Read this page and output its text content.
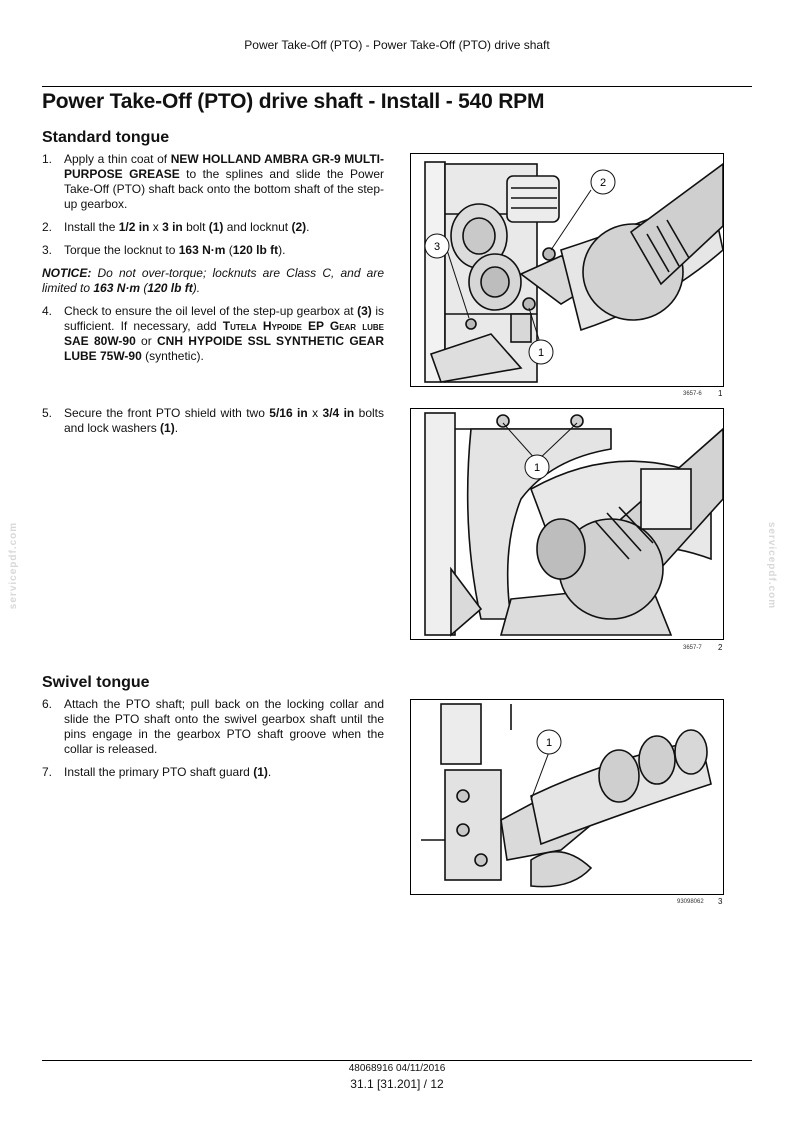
Power Take-Off (PTO) - Power Take-Off (PTO) drive shaft
Power Take-Off (PTO) drive shaft - Install - 540 RPM
Standard tongue

1. Apply a thin coat of NEW HOLLAND AMBRA GR-9 MULTI-PURPOSE GREASE to the splines and slide the Power Take-Off (PTO) shaft back onto the bottom shaft of the step-up gearbox.

2. Install the 1/2 in x 3 in bolt (1) and locknut (2).

3. Torque the locknut to 163 N·m (120 lb ft).

NOTICE: Do not over-torque; locknuts are Class C, and are limited to 163 N·m (120 lb ft).

4. Check to ensure the oil level of the step-up gearbox at (3) is sufficient. If necessary, add Tutela Hypoide EP Gear lube SAE 80W-90 or CNH HYPOIDE SSL SYNTHETIC GEAR LUBE 75W-90 (synthetic).

5. Secure the front PTO shield with two 5/16 in x 3/4 in bolts and lock washers (1).

Swivel tongue

6. Attach the PTO shaft; pull back on the locking collar and slide the PTO shaft onto the swivel gearbox shaft until the pins engage in the gearbox PTO shaft groove when the collar is released.

7. Install the primary PTO shaft guard (1).

2
3
1
3657-6 1
1
3657-7 2
1
93098062 3
servicepdf.com	servicepdf.com
48068916 04/11/2016
31.1 [31.201] / 12
